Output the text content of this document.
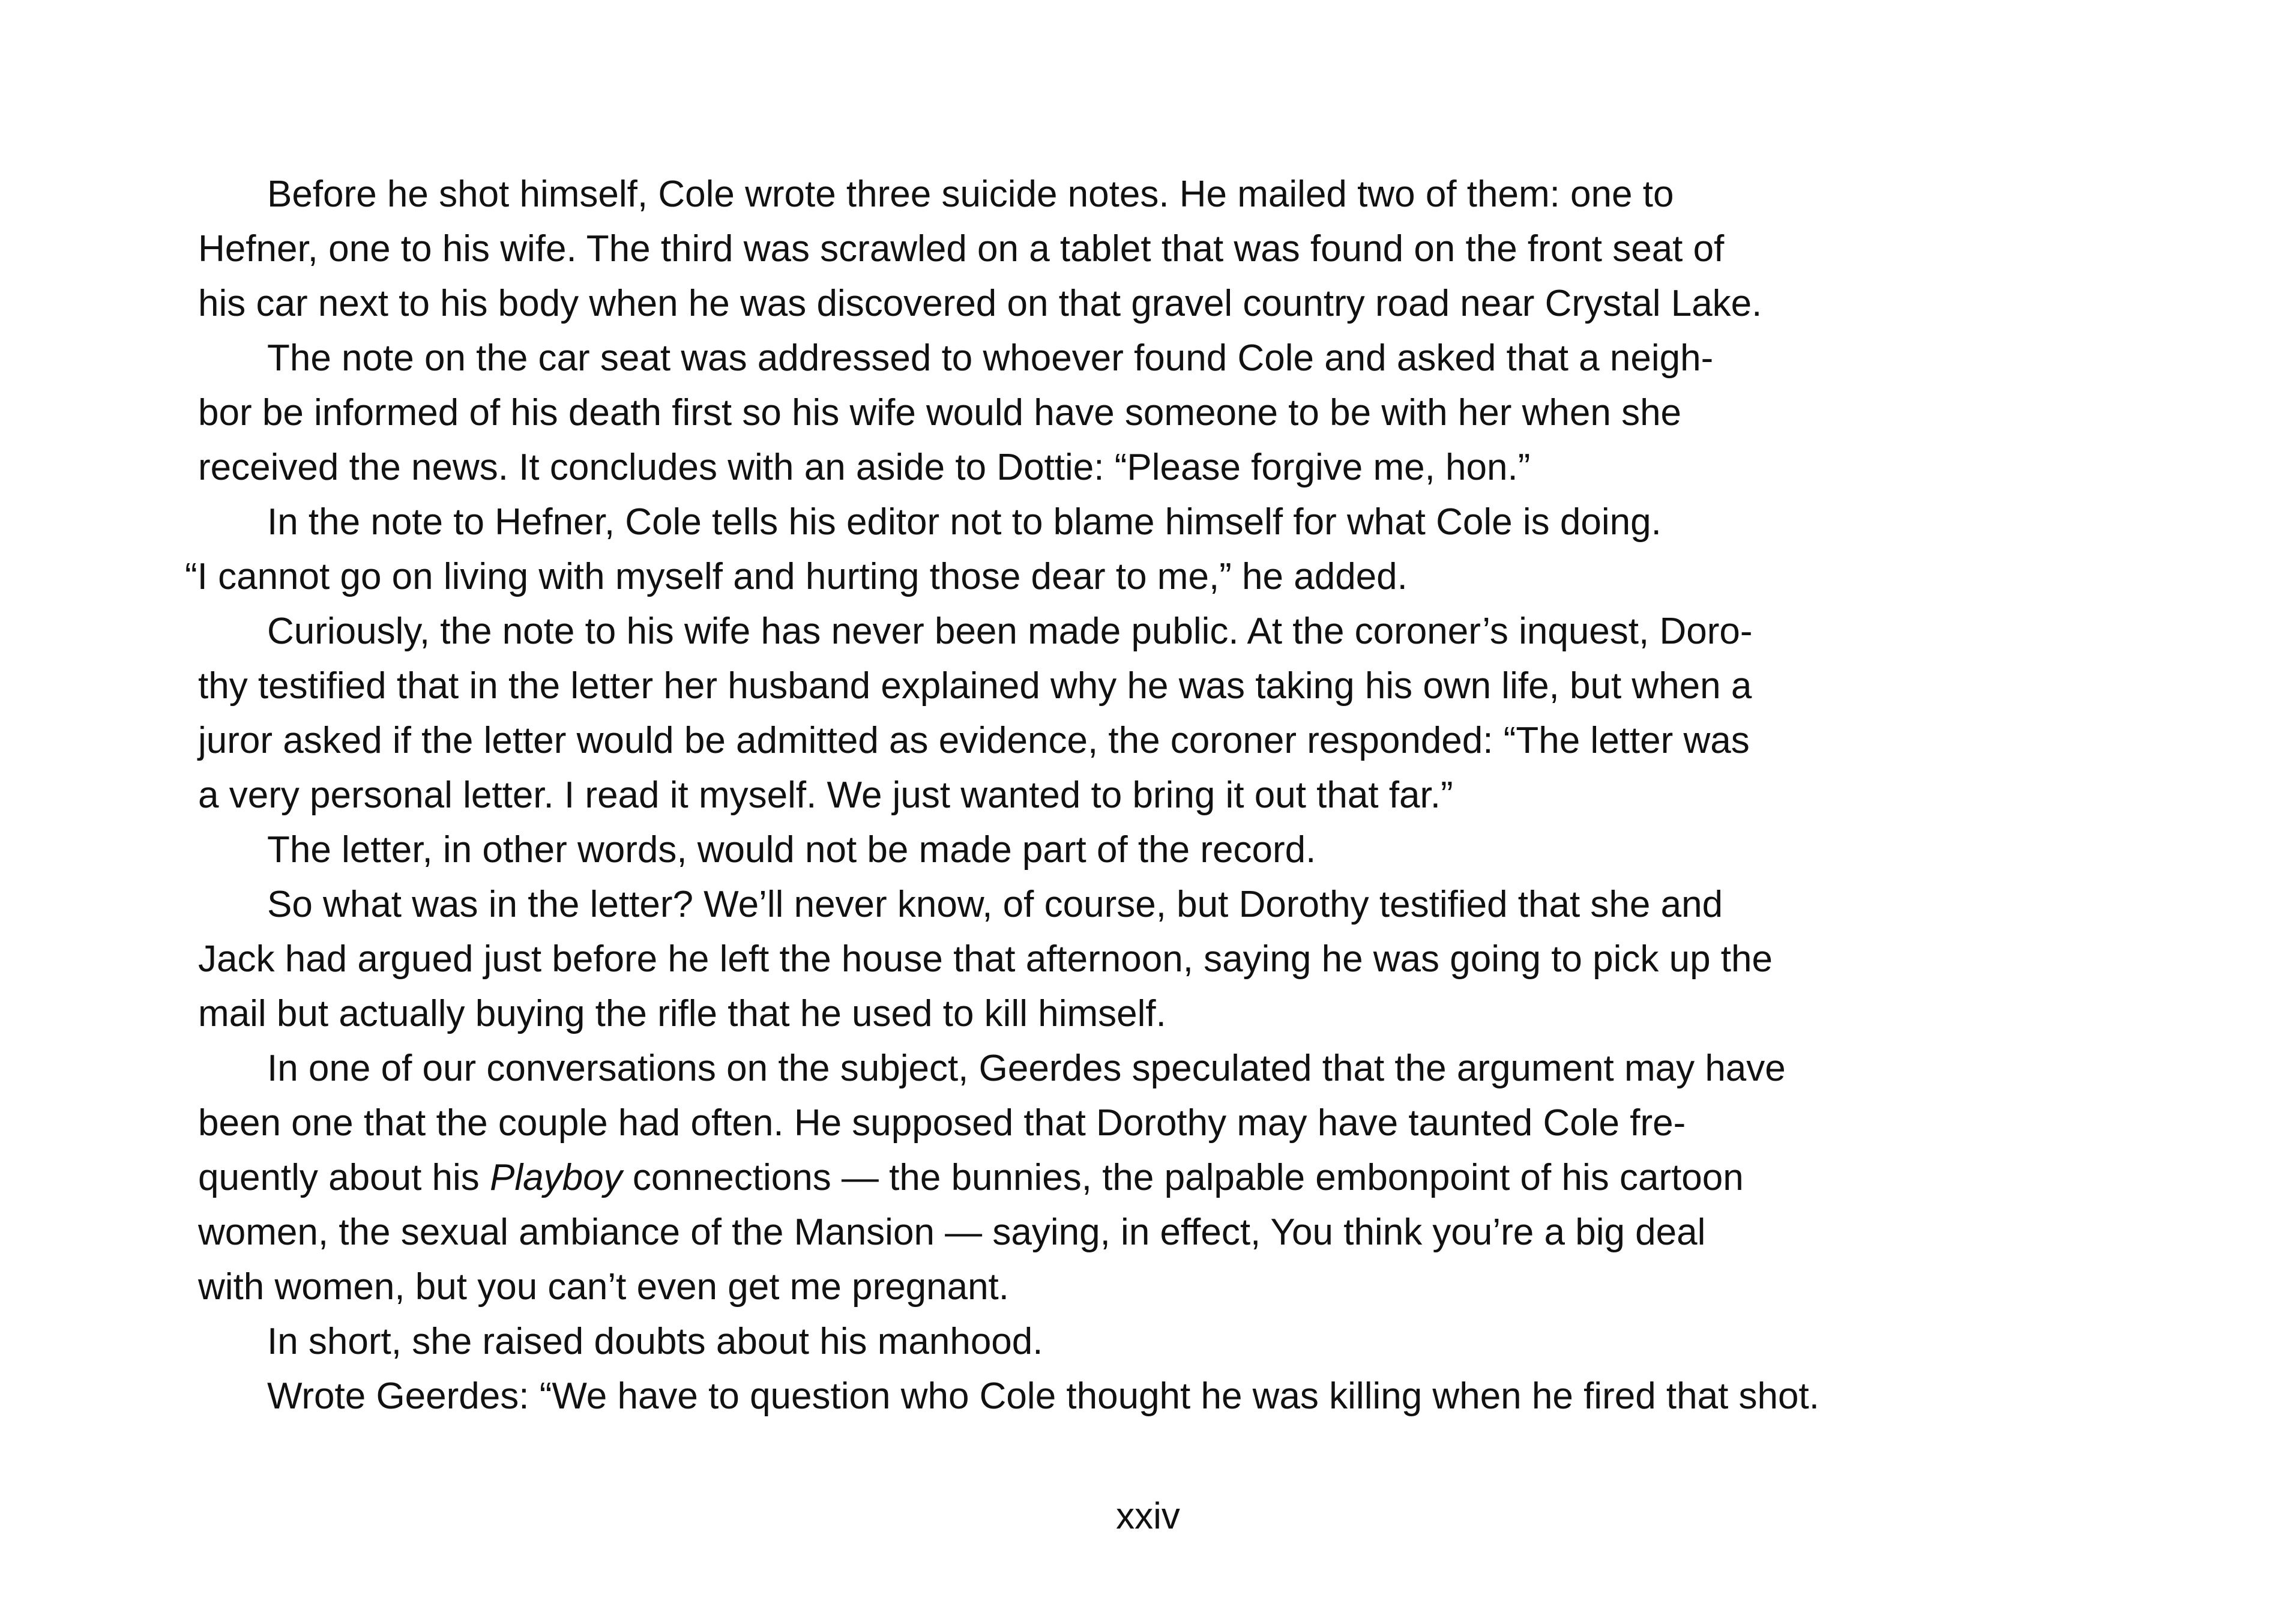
Before he shot himself, Cole wrote three suicide notes. He mailed two of them: one to
Hefner, one to his wife. The third was scrawled on a tablet that was found on the front seat of
his car next to his body when he was discovered on that gravel country road near Crystal Lake.
The note on the car seat was addressed to whoever found Cole and asked that a neigh-
bor be informed of his death first so his wife would have someone to be with her when she
received the news. It concludes with an aside to Dottie: “Please forgive me, hon.”
In the note to Hefner, Cole tells his editor not to blame himself for what Cole is doing.
“I cannot go on living with myself and hurting those dear to me,” he added.
Curiously, the note to his wife has never been made public. At the coroner’s inquest, Doro-
thy testified that in the letter her husband explained why he was taking his own life, but when a
juror asked if the letter would be admitted as evidence, the coroner responded: “The letter was
a very personal letter. I read it myself. We just wanted to bring it out that far.”
The letter, in other words, would not be made part of the record.
So what was in the letter? We’ll never know, of course, but Dorothy testified that she and
Jack had argued just before he left the house that afternoon, saying he was going to pick up the
mail but actually buying the rifle that he used to kill himself.
In one of our conversations on the subject, Geerdes speculated that the argument may have
been one that the couple had often. He supposed that Dorothy may have taunted Cole fre-
quently about his Playboy connections — the bunnies, the palpable embonpoint of his cartoon
women, the sexual ambiance of the Mansion — saying, in effect, You think you’re a big deal
with women, but you can’t even get me pregnant.
In short, she raised doubts about his manhood.
Wrote Geerdes: “We have to question who Cole thought he was killing when he fired that shot.
xxiv
